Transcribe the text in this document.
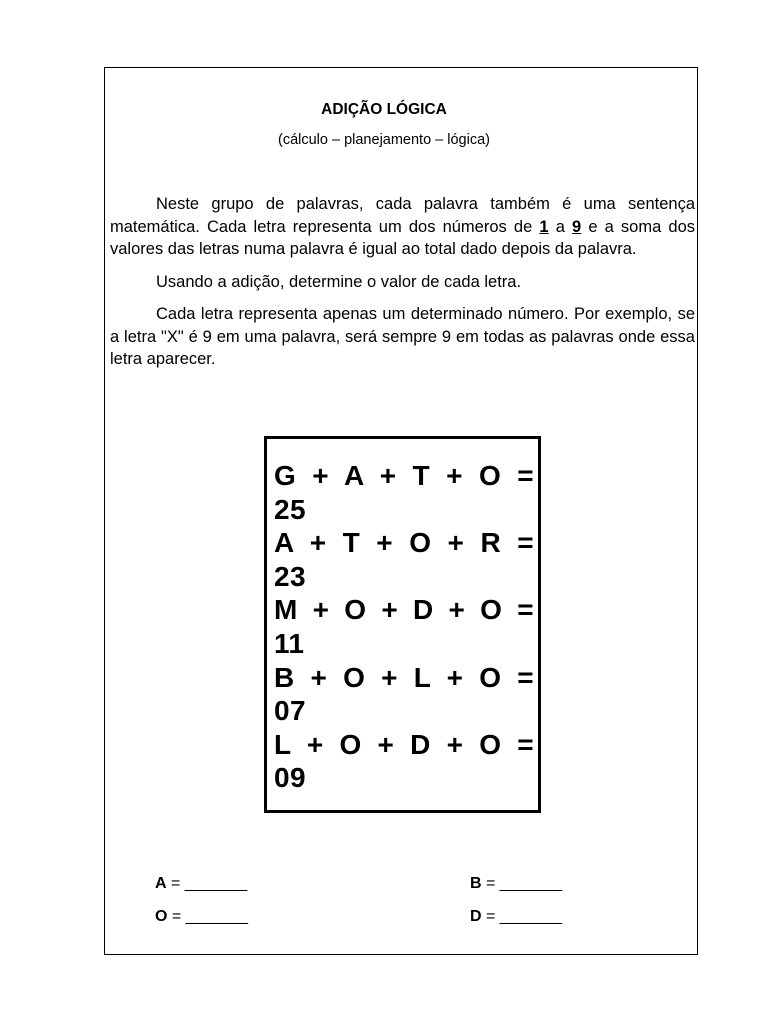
ADIÇÃO LÓGICA

(cálculo – planejamento – lógica)

Neste grupo de palavras, cada palavra também é uma sentença matemática. Cada letra representa um dos números de 1 a 9 e a soma dos valores das letras numa palavra é igual ao total dado depois da palavra.

Usando a adição, determine o valor de cada letra.

Cada letra representa apenas um determinado número. Por exemplo, se a letra "X" é 9 em uma palavra, será sempre 9 em todas as palavras onde essa letra aparecer.

G + A + T + O =
25
A + T + O + R =
23
M + O + D + O =
11
B + O + L + O =
07
L + O + D + O =
09
A = _______	B = _______
O = _______	D = _______
